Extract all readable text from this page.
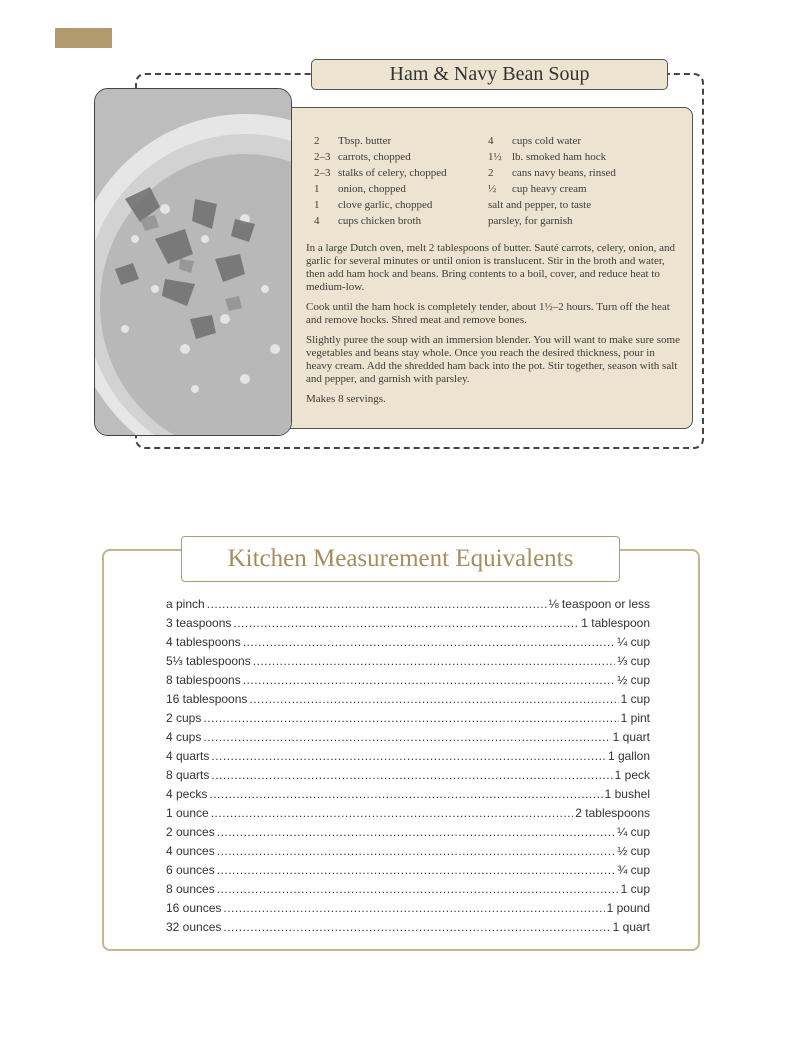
Ham & Navy Bean Soup
2	Tbsp. butter
2–3 carrots, chopped
2–3 stalks of celery, chopped
1	onion, chopped
1	clove garlic, chopped
4	cups chicken broth
4	cups cold water
1½ lb. smoked ham hock
2	cans navy beans, rinsed
½	cup heavy cream
salt and pepper, to taste
parsley, for garnish

In a large Dutch oven, melt 2 tablespoons of butter. Sauté carrots, celery, onion, and garlic for several minutes or until onion is translucent. Stir in the broth and water, then add ham hock and beans. Bring contents to a boil, cover, and reduce heat to medium-low.

Cook until the ham hock is completely tender, about 1½–2 hours. Turn off the heat and remove hocks. Shred meat and remove bones.

Slightly puree the soup with an immersion blender. You will want to make sure some vegetables and beans stay whole. Once you reach the desired thickness, pour in heavy cream. Add the shredded ham back into the pot. Stir together, season with salt and pepper, and garnish with parsley.

Makes 8 servings.

Kitchen Measurement Equivalents
a pinch .....	⅛ teaspoon or less
3 teaspoons .....	1 tablespoon
4 tablespoons .....	¼ cup
5⅓ tablespoons .....	⅓ cup
8 tablespoons .....	½ cup
16 tablespoons .....	1 cup
2 cups .....	1 pint
4 cups .....	1 quart
4 quarts .....	1 gallon
8 quarts .....	1 peck
4 pecks .....	1 bushel
1 ounce .....	2 tablespoons
2 ounces .....	¼ cup
4 ounces .....	½ cup
6 ounces .....	¾ cup
8 ounces .....	1 cup
16 ounces .....	1 pound
32 ounces .....	1 quart
